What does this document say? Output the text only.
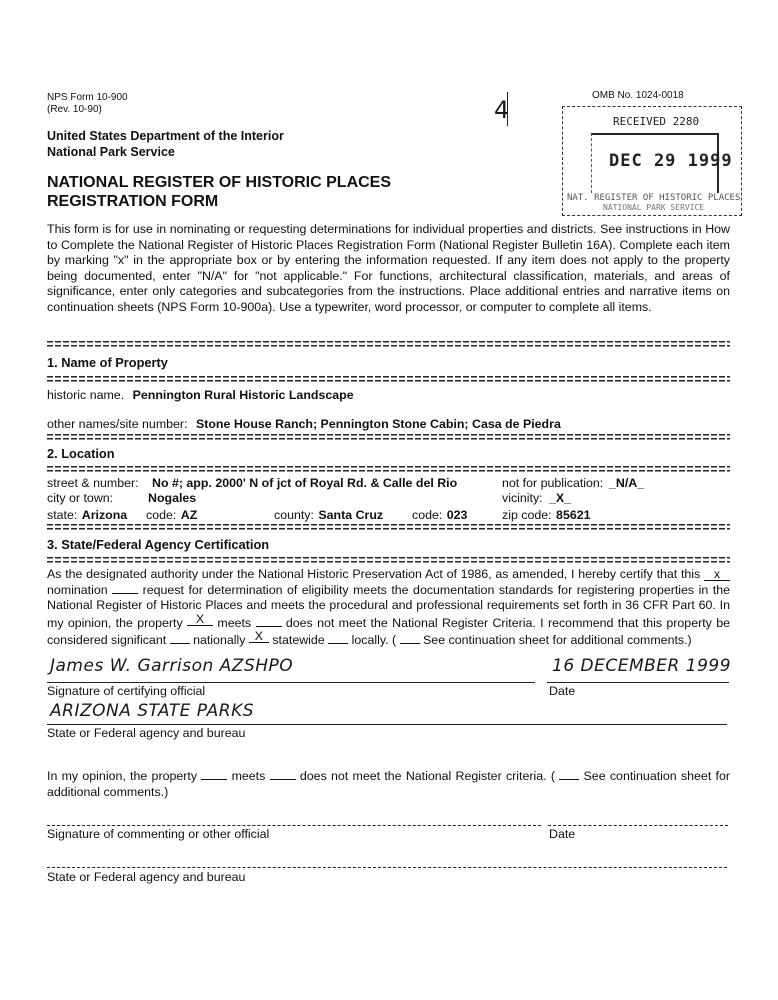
NPS Form 10-900
(Rev. 10-90)
OMB No. 1024-0018
4
United States Department of the Interior
National Park Service
NATIONAL REGISTER OF HISTORIC PLACES
REGISTRATION FORM
RECEIVED 2280
DEC 29 1999
NAT. REGISTER OF HISTORIC PLACES
NATIONAL PARK SERVICE
This form is for use in nominating or requesting determinations for individual properties and districts. See instructions in How to Complete the National Register of Historic Places Registration Form (National Register Bulletin 16A). Complete each item by marking "x" in the appropriate box or by entering the information requested. If any item does not apply to the property being documented, enter "N/A" for "not applicable." For functions, architectural classification, materials, and areas of significance, enter only categories and subcategories from the instructions. Place additional entries and narrative items on continuation sheets (NPS Form 10-900a). Use a typewriter, word processor, or computer to complete all items.
1. Name of Property
historic name. Pennington Rural Historic Landscape
other names/site number: Stone House Ranch; Pennington Stone Cabin; Casa de Piedra
2. Location
street & number: No #; app. 2000' N of jct of Royal Rd. & Calle del Rio	not for publication: _N/A_
city or town:	Nogales	vicinity: _X_
state: Arizona code: AZ	county: Santa Cruz code: 023	zip code: 85621
3. State/Federal Agency Certification
As the designated authority under the National Historic Preservation Act of 1986, as amended, I hereby certify that this x nomination	request for determination of eligibility meets the documentation standards for registering properties in the National Register of Historic Places and meets the procedural and professional requirements set forth in 36 CFR Part 60. In my opinion, the property X meets	does not meet the National Register Criteria. I recommend that this property be considered significant nationally X statewide locally. ( See continuation sheet for additional comments.)
James W. Garrison AZSHPO
Signature of certifying official
16 DECEMBER 1999
Date
ARIZONA STATE PARKS
State or Federal agency and bureau
In my opinion, the property	meets	does not meet the National Register criteria. ( See continuation sheet for additional comments.)
Signature of commenting or other official	Date
State or Federal agency and bureau
